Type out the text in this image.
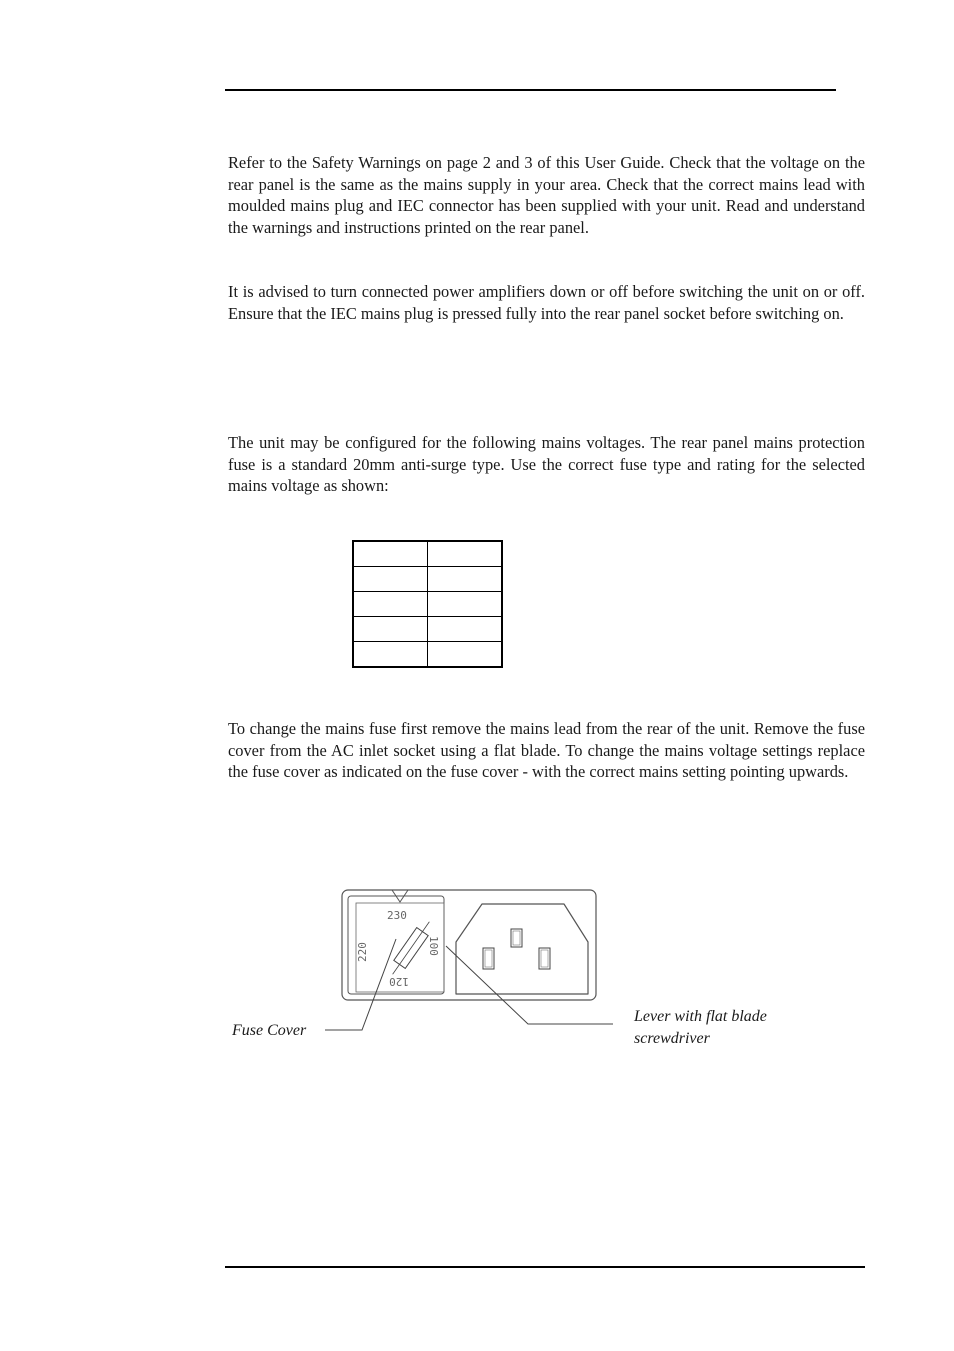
Refer to the Safety Warnings on page 2 and 3 of this User Guide. Check that the voltage on the rear panel is the same as the mains supply in your area. Check that the correct mains lead with moulded mains plug and IEC connector has been supplied with your unit. Read and understand the warnings and instructions printed on the rear panel.

It is advised to turn connected power amplifiers down or off before switching the unit on or off. Ensure that the IEC mains plug is pressed fully into the rear panel socket before switching on.

The unit may be configured for the following mains voltages. The rear panel mains protection fuse is a standard 20mm anti-surge type. Use the correct fuse type and rating for the selected mains voltage as shown:

To change the mains fuse first remove the mains lead from the rear of the unit. Remove the fuse cover from the AC inlet socket using a flat blade. To change the mains voltage settings replace the fuse cover as indicated on the fuse cover - with the correct mains setting pointing upwards.

230
220	100
120
Fuse Cover
Lever with flat blade screwdriver
